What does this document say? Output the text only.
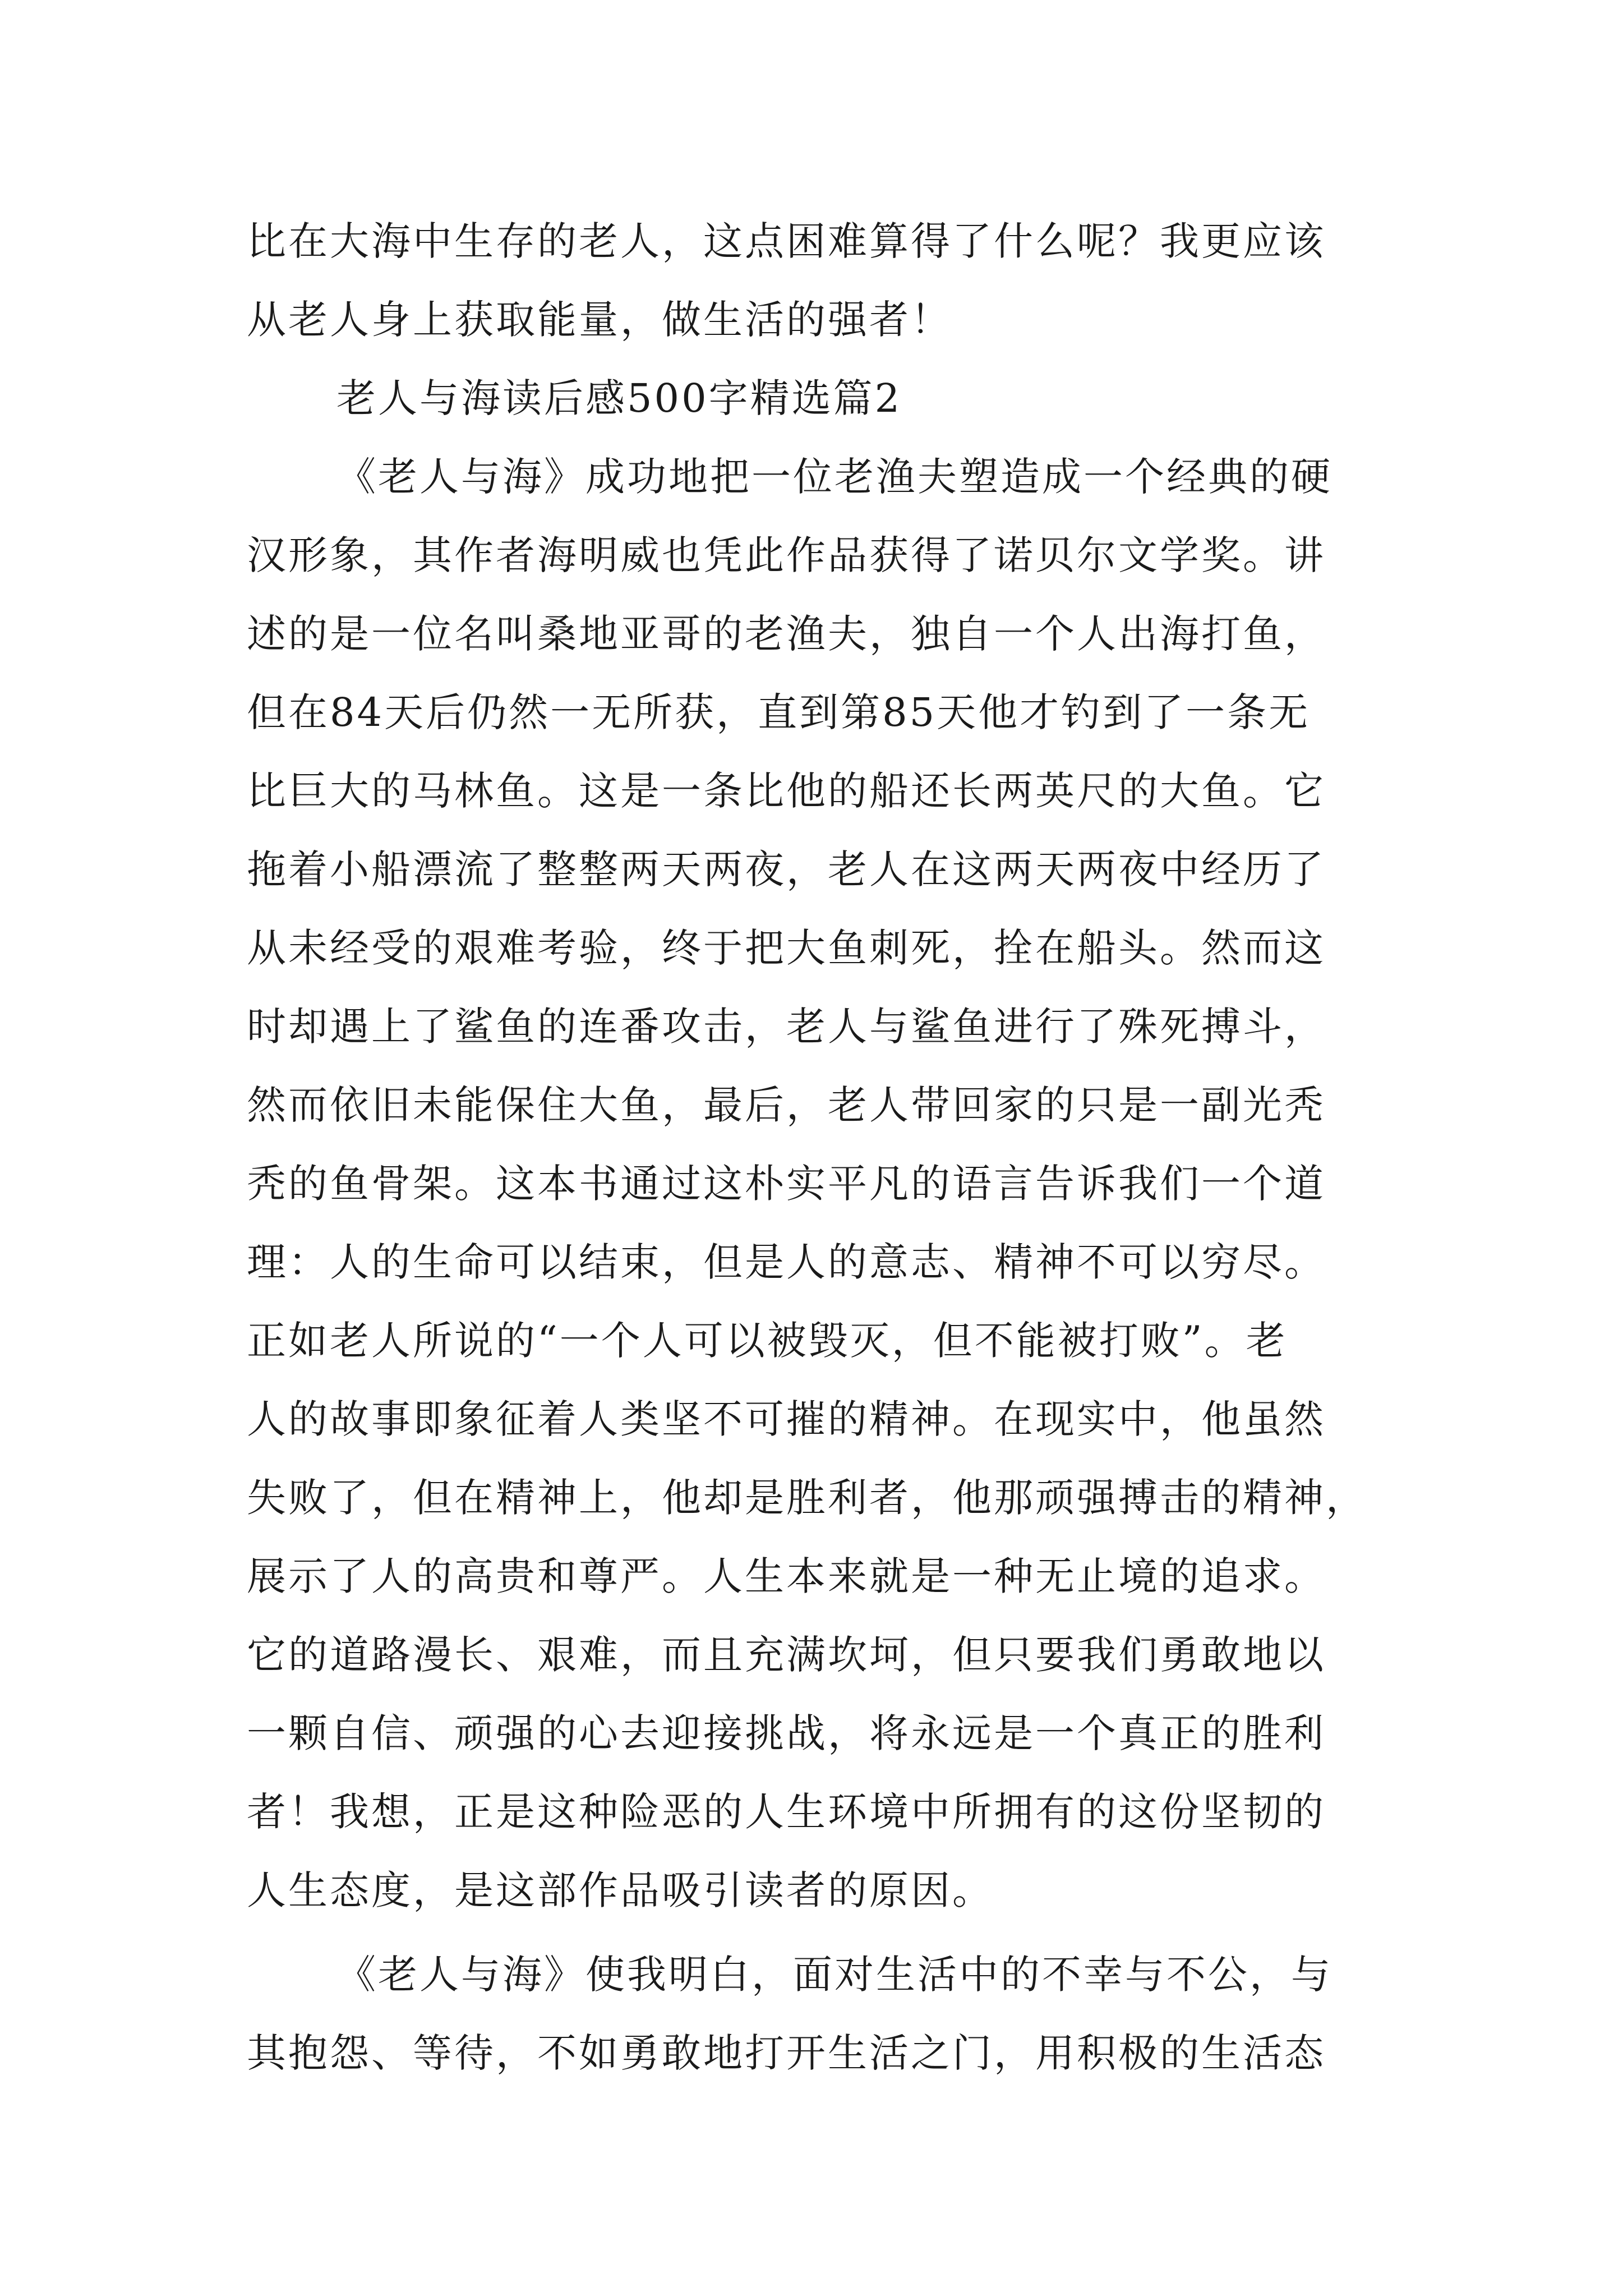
比在大海中生存的老人，这点困难算得了什么呢？我更应该

从老人身上获取能量，做生活的强者！

老人与海读后感500字精选篇2

《老人与海》成功地把一位老渔夫塑造成一个经典的硬

汉形象，其作者海明威也凭此作品获得了诺贝尔文学奖。讲

述的是一位名叫桑地亚哥的老渔夫，独自一个人出海打鱼，

但在84天后仍然一无所获，直到第85天他才钓到了一条无

比巨大的马林鱼。这是一条比他的船还长两英尺的大鱼。它

拖着小船漂流了整整两天两夜，老人在这两天两夜中经历了

从未经受的艰难考验，终于把大鱼刺死，拴在船头。然而这

时却遇上了鲨鱼的连番攻击，老人与鲨鱼进行了殊死搏斗，

然而依旧未能保住大鱼，最后，老人带回家的只是一副光秃

秃的鱼骨架。这本书通过这朴实平凡的语言告诉我们一个道

理：人的生命可以结束，但是人的意志、精神不可以穷尽。

正如老人所说的“一个人可以被毁灭，但不能被打败”。老

人的故事即象征着人类坚不可摧的精神。在现实中，他虽然

失败了，但在精神上，他却是胜利者，他那顽强搏击的精神，

展示了人的高贵和尊严。人生本来就是一种无止境的追求。

它的道路漫长、艰难，而且充满坎坷，但只要我们勇敢地以

一颗自信、顽强的心去迎接挑战，将永远是一个真正的胜利

者！我想，正是这种险恶的人生环境中所拥有的这份坚韧的

人生态度，是这部作品吸引读者的原因。

《老人与海》使我明白，面对生活中的不幸与不公，与

其抱怨、等待，不如勇敢地打开生活之门，用积极的生活态
